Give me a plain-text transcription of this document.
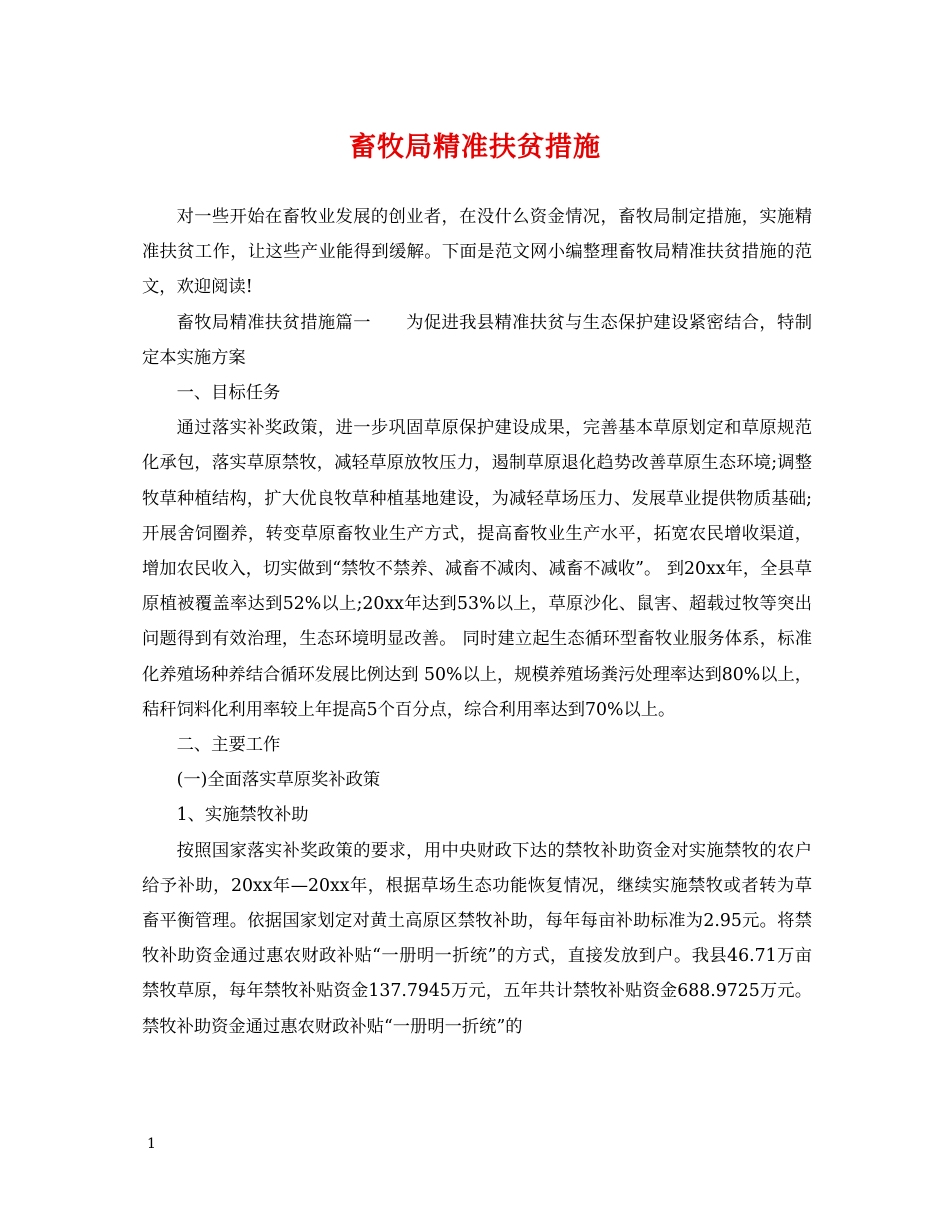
畜牧局精准扶贫措施

对一些开始在畜牧业发展的创业者，在没什么资金情况，畜牧局制定措施，实施精准扶贫工作，让这些产业能得到缓解。下面是范文网小编整理畜牧局精准扶贫措施的范文，欢迎阅读!

畜牧局精准扶贫措施篇一　　为促进我县精准扶贫与生态保护建设紧密结合，特制定本实施方案

一、目标任务

通过落实补奖政策，进一步巩固草原保护建设成果，完善基本草原划定和草原规范化承包，落实草原禁牧，减轻草原放牧压力，遏制草原退化趋势改善草原生态环境;调整牧草种植结构，扩大优良牧草种植基地建设，为减轻草场压力、发展草业提供物质基础;开展舍饲圈养，转变草原畜牧业生产方式，提高畜牧业生产水平，拓宽农民增收渠道，增加农民收入，切实做到“禁牧不禁养、减畜不减肉、减畜不减收”。 到20xx年，全县草原植被覆盖率达到52%以上;20xx年达到53%以上，草原沙化、鼠害、超载过牧等突出问题得到有效治理，生态环境明显改善。 同时建立起生态循环型畜牧业服务体系，标准化养殖场种养结合循环发展比例达到 50%以上，规模养殖场粪污处理率达到80%以上，秸秆饲料化利用率较上年提高5个百分点，综合利用率达到70%以上。

二、主要工作

(一)全面落实草原奖补政策

1、实施禁牧补助

按照国家落实补奖政策的要求，用中央财政下达的禁牧补助资金对实施禁牧的农户给予补助，20xx年—20xx年，根据草场生态功能恢复情况，继续实施禁牧或者转为草畜平衡管理。依据国家划定对黄土高原区禁牧补助，每年每亩补助标准为2.95元。将禁牧补助资金通过惠农财政补贴“一册明一折统”的方式，直接发放到户。我县46.71万亩禁牧草原，每年禁牧补贴资金137.7945万元，五年共计禁牧补贴资金688.9725万元。禁牧补助资金通过惠农财政补贴“一册明一折统”的

1
